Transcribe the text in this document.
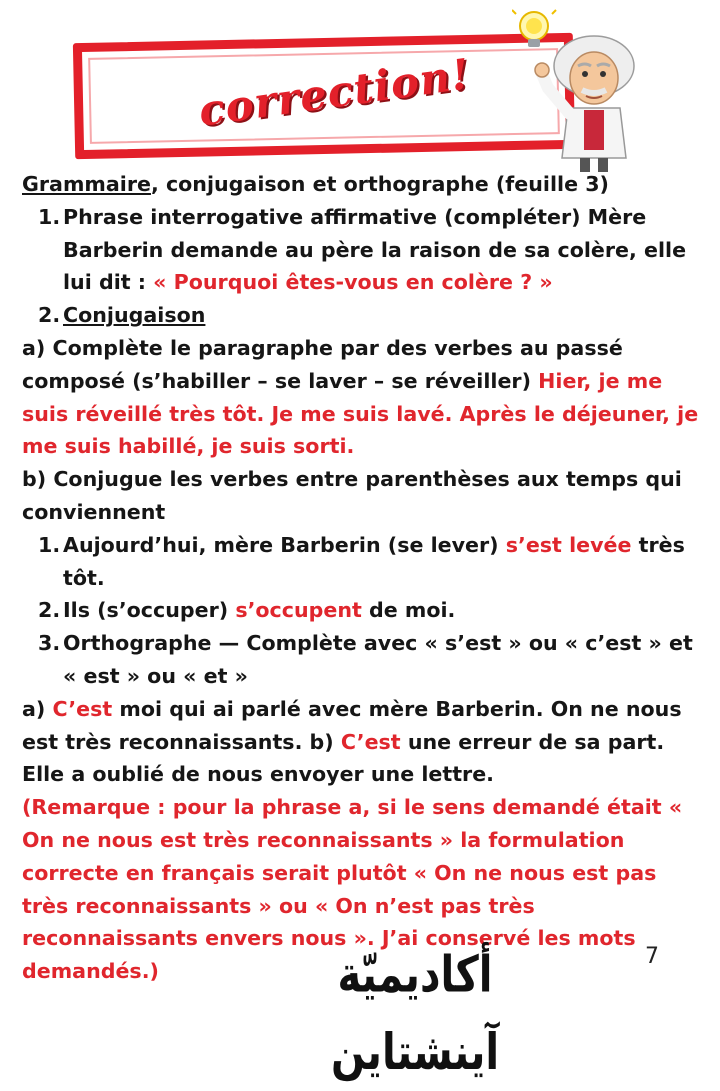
correction!

Grammaire, conjugaison et orthographe (feuille 3)

1. Phrase interrogative affirmative (compléter) Mère Barberin demande au père la raison de sa colère, elle lui dit : « Pourquoi êtes-vous en colère ? »
2. Conjugaison

a) Complète le paragraphe par des verbes au passé composé (s’habiller – se laver – se réveiller) Hier, je me suis réveillé très tôt. Je me suis lavé. Après le déjeuner, je me suis habillé, je suis sorti.

b) Conjugue les verbes entre parenthèses aux temps qui conviennent

1. Aujourd’hui, mère Barberin (se lever) s’est levée très tôt.
2. Ils (s’occuper) s’occupent de moi.
3. Orthographe — Complète avec « s’est » ou « c’est » et « est » ou « et »

a) C’est moi qui ai parlé avec mère Barberin. On ne nous est très reconnaissants. b) C’est une erreur de sa part. Elle a oublié de nous envoyer une lettre.

(Remarque : pour la phrase a, si le sens demandé était « On ne nous est très reconnaissants » la formulation correcte en français serait plutôt « On ne nous est pas très reconnaissants » ou « On n’est pas très reconnaissants envers nous ». J’ai conservé les mots demandés.)	أكاديميّة آينشتاين
7
